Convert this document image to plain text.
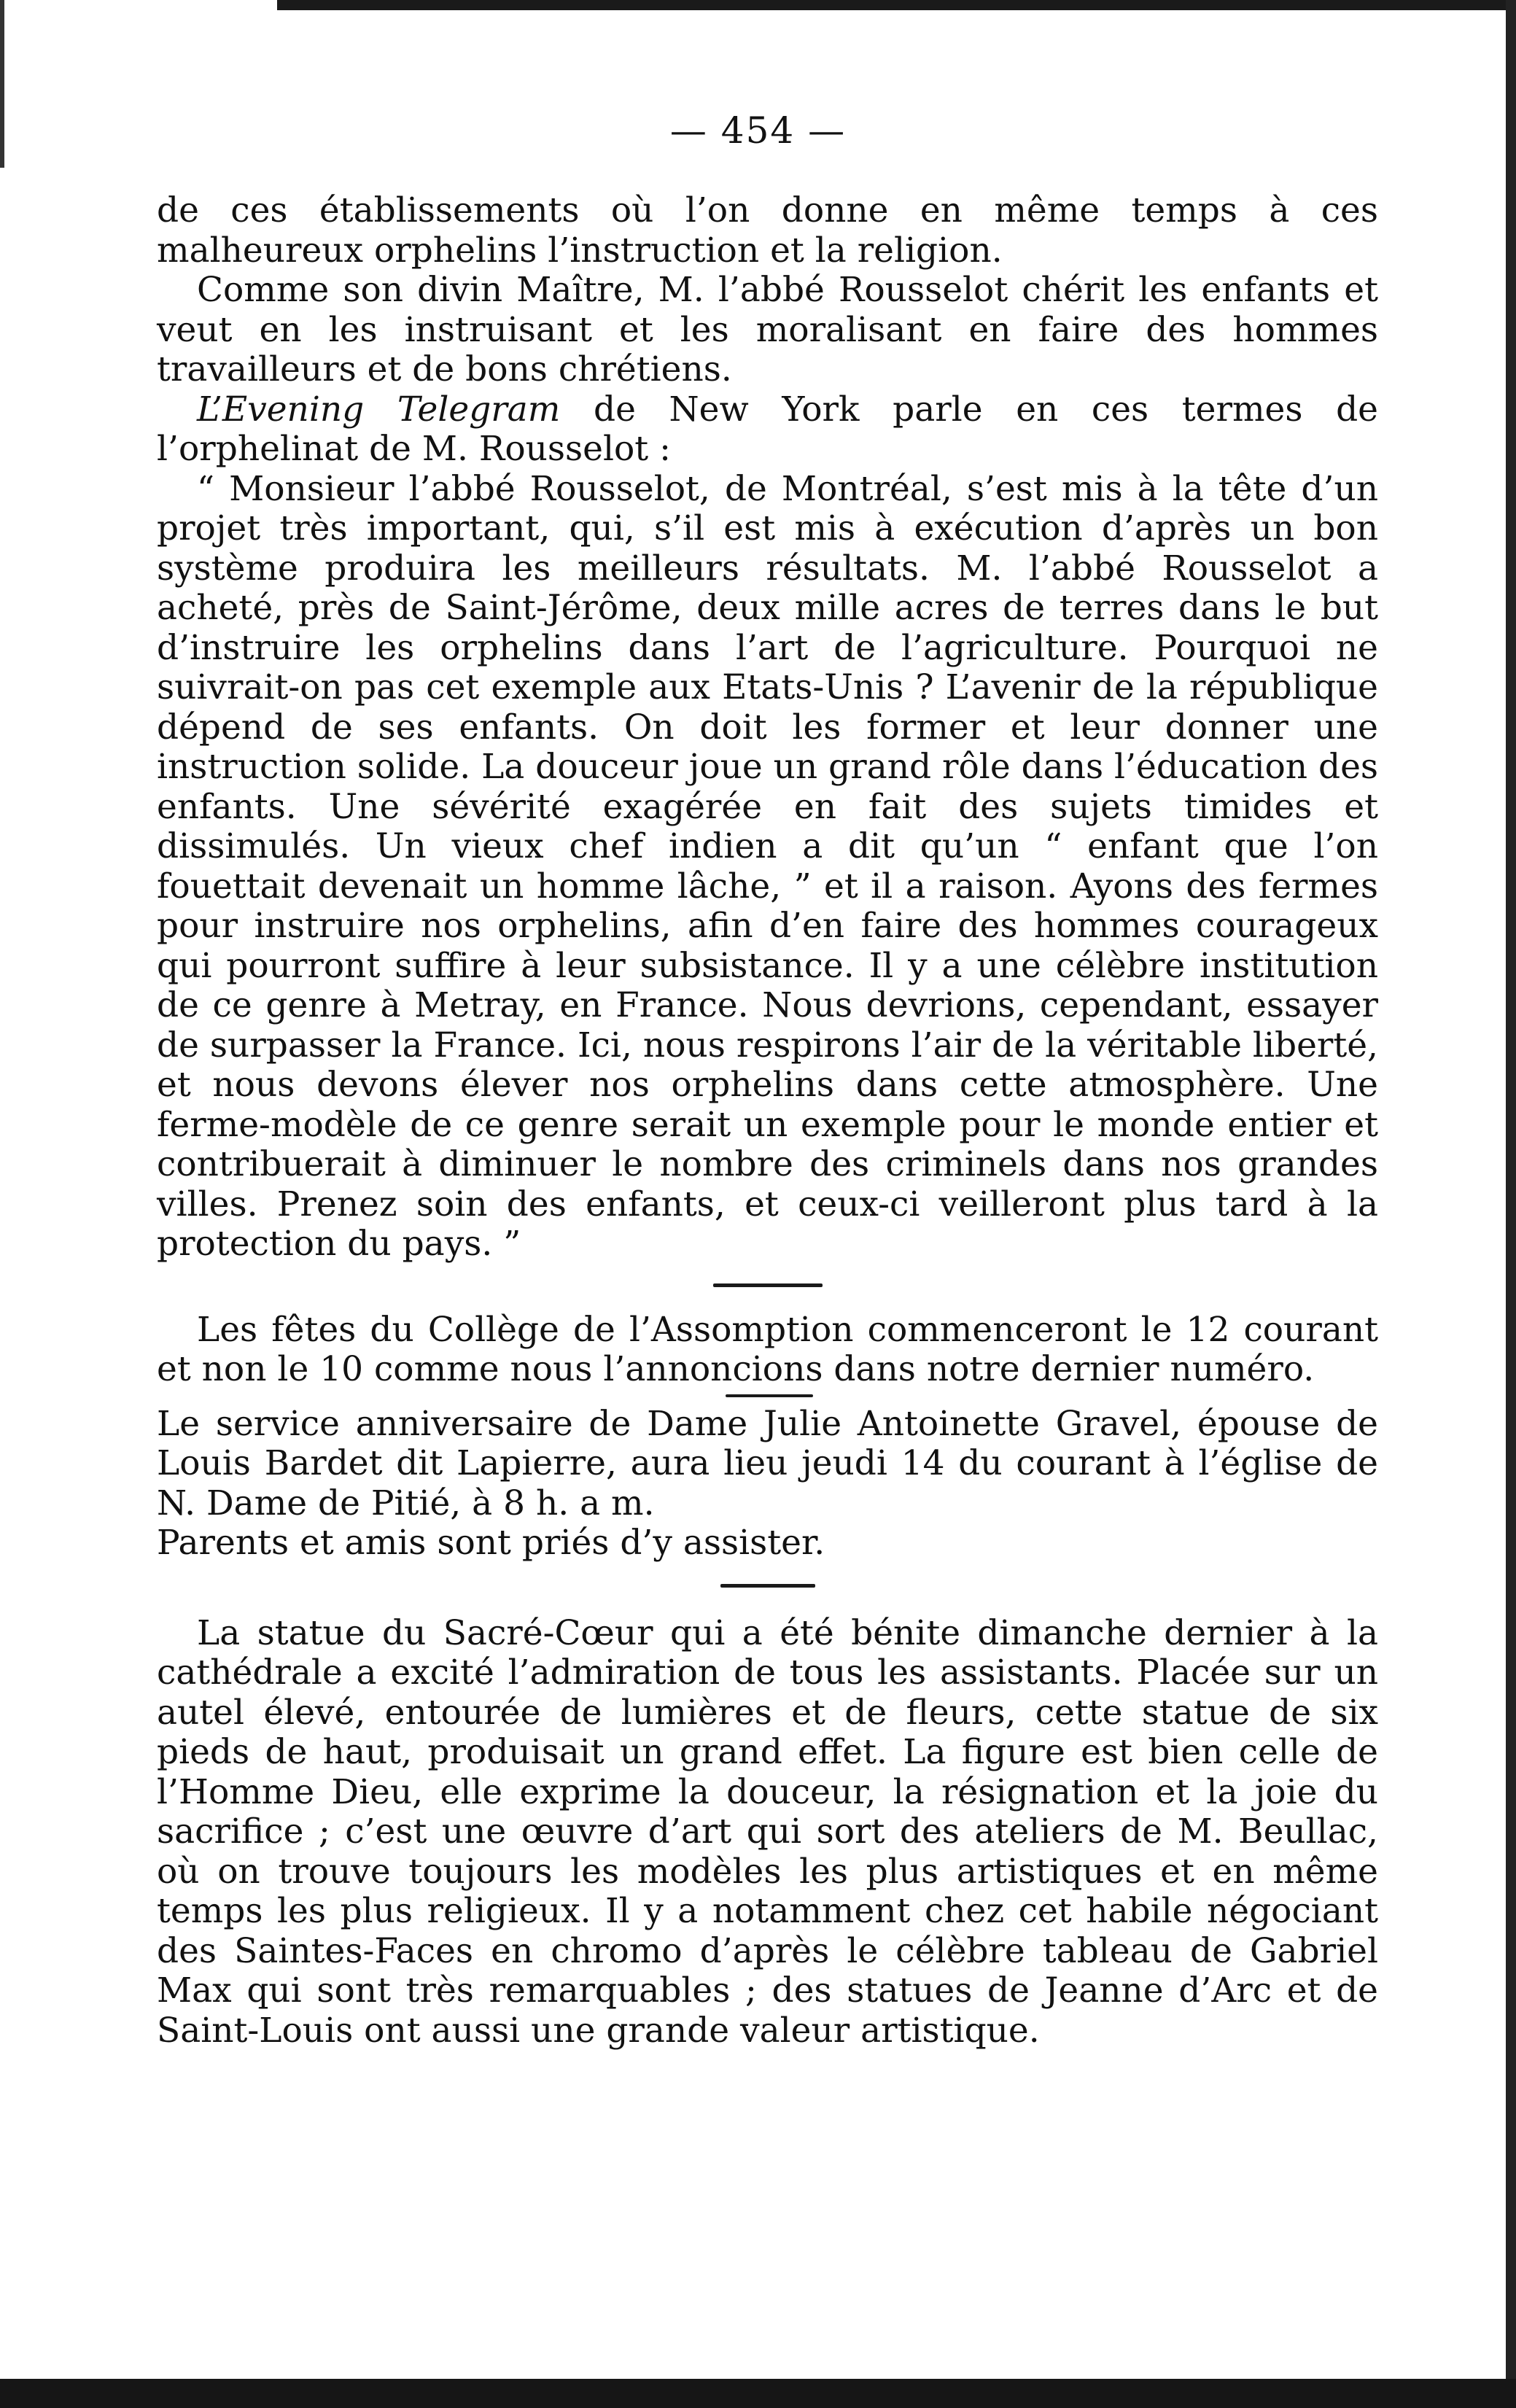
— 454 —

de ces établissements où l’on donne en même temps à ces malheureux orphelins l’instruction et la religion.

Comme son divin Maître, M. l’abbé Rousselot chérit les enfants et veut en les instruisant et les moralisant en faire des hommes travailleurs et de bons chrétiens.

L’Evening Telegram de New York parle en ces termes de l’orphelinat de M. Rousselot :

“ Monsieur l’abbé Rousselot, de Montréal, s’est mis à la tête d’un projet très important, qui, s’il est mis à exécution d’après un bon système produira les meilleurs résultats. M. l’abbé Rousselot a acheté, près de Saint-Jérôme, deux mille acres de terres dans le but d’instruire les orphelins dans l’art de l’agriculture. Pourquoi ne suivrait-on pas cet exemple aux Etats-Unis ? L’avenir de la république dépend de ses enfants. On doit les former et leur donner une instruction solide. La douceur joue un grand rôle dans l’éducation des enfants. Une sévérité exagérée en fait des sujets timides et dissimulés. Un vieux chef indien a dit qu’un “ enfant que l’on fouettait devenait un homme lâche, ” et il a raison. Ayons des fermes pour instruire nos orphelins, afin d’en faire des hommes courageux qui pourront suffire à leur subsistance. Il y a une célèbre institution de ce genre à Metray, en France. Nous devrions, cependant, essayer de surpasser la France. Ici, nous respirons l’air de la véritable liberté, et nous devons élever nos orphelins dans cette atmosphère. Une ferme-modèle de ce genre serait un exemple pour le monde entier et contribuerait à diminuer le nombre des criminels dans nos grandes villes. Prenez soin des enfants, et ceux-ci veilleront plus tard à la protection du pays. ”

Les fêtes du Collège de l’Assomption commenceront le 12 courant et non le 10 comme nous l’annoncions dans notre dernier numéro.

Le service anniversaire de Dame Julie Antoinette Gravel, épouse de Louis Bardet dit Lapierre, aura lieu jeudi 14 du courant à l’église de N. Dame de Pitié, à 8 h. a m.

Parents et amis sont priés d’y assister.

La statue du Sacré-Cœur qui a été bénite dimanche dernier à la cathédrale a excité l’admiration de tous les assistants. Placée sur un autel élevé, entourée de lumières et de fleurs, cette statue de six pieds de haut, produisait un grand effet. La figure est bien celle de l’Homme Dieu, elle exprime la douceur, la résignation et la joie du sacrifice ; c’est une œuvre d’art qui sort des ateliers de M. Beullac, où on trouve toujours les modèles les plus artistiques et en même temps les plus religieux. Il y a notamment chez cet habile négociant des Saintes-Faces en chromo d’après le célèbre tableau de Gabriel Max qui sont très remarquables ; des statues de Jeanne d’Arc et de Saint-Louis ont aussi une grande valeur artistique.
